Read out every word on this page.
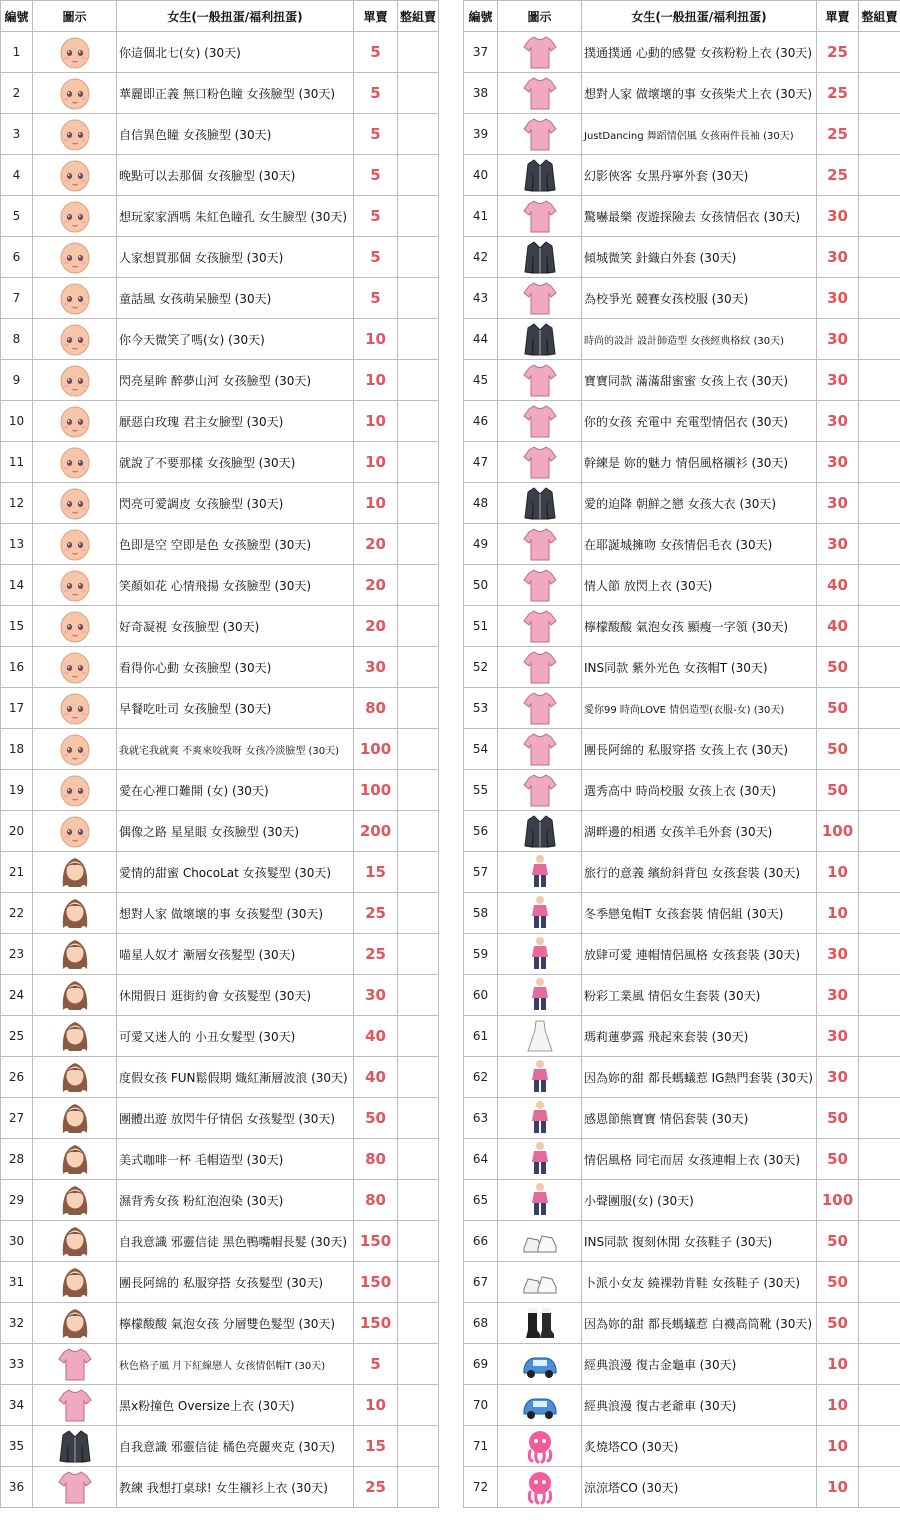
編號	圖示	女生(一般扭蛋/福利扭蛋)	單賣	整組賣
1		你這個北七(女) (30天)	5	
2		華麗即正義 無口粉色瞳 女孩臉型 (30天)	5	
3		自信異色瞳 女孩臉型 (30天)	5	
4		晚點可以去那個 女孩臉型 (30天)	5	
5		想玩家家酒嗎 朱紅色瞳孔 女生臉型 (30天)	5	
6		人家想買那個 女孩臉型 (30天)	5	
7		童話風 女孩萌呆臉型 (30天)	5	
8		你今天微笑了嗎(女) (30天)	10	
9		閃亮星眸 醉夢山河 女孩臉型 (30天)	10	
10		厭惡白玫瑰 君主女臉型 (30天)	10	
11		就說了不要那樣 女孩臉型 (30天)	10	
12		閃亮可愛調皮 女孩臉型 (30天)	10	
13		色即是空 空即是色 女孩臉型 (30天)	20	
14		笑顏如花 心情飛揚 女孩臉型 (30天)	20	
15		好奇凝視 女孩臉型 (30天)	20	
16		看得你心動 女孩臉型 (30天)	30	
17		早餐吃吐司 女孩臉型 (30天)	80	
18		我就宅我就爽 不爽來咬我呀 女孩冷淡臉型 (30天)	100	
19		愛在心裡口難開 (女) (30天)	100	
20		偶像之路 星星眼 女孩臉型 (30天)	200	
21		愛情的甜蜜 ChocoLat 女孩髮型 (30天)	15	
22		想對人家 做壞壞的事 女孩髮型 (30天)	25	
23		喵星人奴才 漸層女孩髮型 (30天)	25	
24		休閒假日 逛街約會 女孩髮型 (30天)	30	
25		可愛又迷人的 小丑女髮型 (30天)	40	
26		度假女孩 FUN鬆假期 熾紅漸層波浪 (30天)	40	
27		團體出遊 放閃牛仔情侶 女孩髮型 (30天)	50	
28		美式咖啡一杯 毛帽造型 (30天)	80	
29		濕背秀女孩 粉紅泡泡染 (30天)	80	
30		自我意識 邪靈信徒 黑色鴨嘴帽長髮 (30天)	150	
31		團長阿綿的 私服穿搭 女孩髮型 (30天)	150	
32		檸檬酸酸 氣泡女孩 分層雙色髮型 (30天)	150	
33		秋色格子風 月下紅線戀人 女孩情侶帽T (30天)	5	
34		黑x粉撞色 Oversize上衣 (30天)	10	
35		自我意識 邪靈信徒 橘色亮麗夾克 (30天)	15	
36		教練 我想打桌球! 女生襯衫上衣 (30天)	25	
編號	圖示	女生(一般扭蛋/福利扭蛋)	單賣	整組賣
37		撲通撲通 心動的感覺 女孩粉粉上衣 (30天)	25	
38		想對人家 做壞壞的事 女孩柴犬上衣 (30天)	25	
39		JustDancing 舞蹈情侶風 女孩兩件長袖 (30天)	25	
40		幻影俠客 女黑丹寧外套 (30天)	25	
41		驚嚇最樂 夜遊探險去 女孩情侶衣 (30天)	30	
42		傾城微笑 針織白外套 (30天)	30	
43		為校爭光 競賽女孩校服 (30天)	30	
44		時尚的設計 設計師造型 女孩經典格紋 (30天)	30	
45		寶寶同款 滿滿甜蜜蜜 女孩上衣 (30天)	30	
46		你的女孩 充電中 充電型情侶衣 (30天)	30	
47		幹練是 妳的魅力 情侶風格襯衫 (30天)	30	
48		愛的迫降 朝鮮之戀 女孩大衣 (30天)	30	
49		在耶誕城擁吻 女孩情侶毛衣 (30天)	30	
50		情人節 放閃上衣 (30天)	40	
51		檸檬酸酸 氣泡女孩 顯瘦一字領 (30天)	40	
52		INS同款 紫外光色 女孩帽T (30天)	50	
53		愛你99 時尚LOVE 情侶造型(衣服-女) (30天)	50	
54		團長阿綿的 私服穿搭 女孩上衣 (30天)	50	
55		選秀高中 時尚校服 女孩上衣 (30天)	50	
56		湖畔邊的相遇 女孩羊毛外套 (30天)	100	
57		旅行的意義 繽紛斜背包 女孩套裝 (30天)	10	
58		冬季戀兔帽T 女孩套裝 情侶組 (30天)	10	
59		放肆可愛 連帽情侶風格 女孩套裝 (30天)	30	
60		粉彩工業風 情侶女生套裝 (30天)	30	
61		瑪莉蓮夢露 飛起來套裝 (30天)	30	
62		因為妳的甜 都長螞蟻惹 IG熱門套裝 (30天)	30	
63		感恩節熊寶寶 情侶套裝 (30天)	50	
64		情侶風格 同宅而居 女孩連帽上衣 (30天)	50	
65		小聲團服(女) (30天)	100	
66		INS同款 復刻休閒 女孩鞋子 (30天)	50	
67		卜派小女友 繞裸勃肯鞋 女孩鞋子 (30天)	50	
68		因為妳的甜 都長螞蟻惹 白襪高筒靴 (30天)	50	
69		經典浪漫 復古金龜車 (30天)	10	
70		經典浪漫 復古老爺車 (30天)	10	
71		炙燒塔CO (30天)	10	
72		涼涼塔CO (30天)	10	
